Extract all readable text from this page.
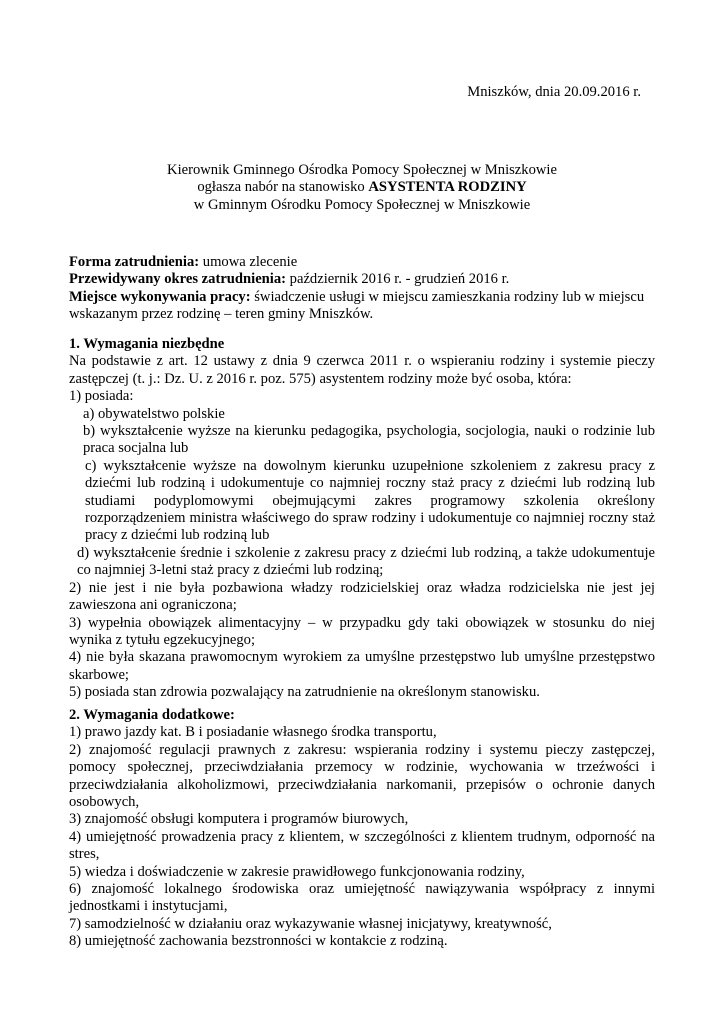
Mniszków, dnia 20.09.2016 r.

Kierownik Gminnego Ośrodka Pomocy Społecznej w Mniszkowie

ogłasza nabór na stanowisko ASYSTENTA RODZINY

w Gminnym Ośrodku Pomocy Społecznej w Mniszkowie

Forma zatrudnienia: umowa zlecenie

Przewidywany okres zatrudnienia: październik 2016 r. - grudzień 2016 r.

Miejsce wykonywania pracy: świadczenie usługi w miejscu zamieszkania rodziny lub w miejscu wskazanym przez rodzinę – teren gminy Mniszków.

1. Wymagania niezbędne

Na podstawie z art. 12 ustawy z dnia 9 czerwca 2011 r. o wspieraniu rodziny i systemie pieczy zastępczej (t. j.: Dz. U. z 2016 r. poz. 575) asystentem rodziny może być osoba, która:

1) posiada:

a) obywatelstwo polskie

b) wykształcenie wyższe na kierunku pedagogika, psychologia, socjologia, nauki o rodzinie lub praca socjalna lub

c) wykształcenie wyższe na dowolnym kierunku uzupełnione szkoleniem z zakresu pracy z dziećmi lub rodziną i udokumentuje co najmniej roczny staż pracy z dziećmi lub rodziną lub studiami podyplomowymi obejmującymi zakres programowy szkolenia określony rozporządzeniem ministra właściwego do spraw rodziny i udokumentuje co najmniej roczny staż pracy z dziećmi lub rodziną lub

d) wykształcenie średnie i szkolenie z zakresu pracy z dziećmi lub rodziną, a także udokumentuje co najmniej 3-letni staż pracy z dziećmi lub rodziną;

2) nie jest i nie była pozbawiona władzy rodzicielskiej oraz władza rodzicielska nie jest jej zawieszona ani ograniczona;

3) wypełnia obowiązek alimentacyjny – w przypadku gdy taki obowiązek w stosunku do niej wynika z tytułu egzekucyjnego;

4) nie była skazana prawomocnym wyrokiem za umyślne przestępstwo lub umyślne przestępstwo skarbowe;

5) posiada stan zdrowia pozwalający na zatrudnienie na określonym stanowisku.

2. Wymagania dodatkowe:

1) prawo jazdy kat. B i posiadanie własnego środka transportu,

2) znajomość regulacji prawnych z zakresu: wspierania rodziny i systemu pieczy zastępczej, pomocy społecznej, przeciwdziałania przemocy w rodzinie, wychowania w trzeźwości i przeciwdziałania alkoholizmowi, przeciwdziałania narkomanii, przepisów o ochronie danych osobowych,

3) znajomość obsługi komputera i programów biurowych,

4) umiejętność prowadzenia pracy z klientem, w szczególności z klientem trudnym, odporność na stres,

5) wiedza i doświadczenie w zakresie prawidłowego funkcjonowania rodziny,

6) znajomość lokalnego środowiska oraz umiejętność nawiązywania współpracy z innymi jednostkami i instytucjami,

7) samodzielność w działaniu oraz wykazywanie własnej inicjatywy, kreatywność,

8) umiejętność zachowania bezstronności w kontakcie z rodziną.
